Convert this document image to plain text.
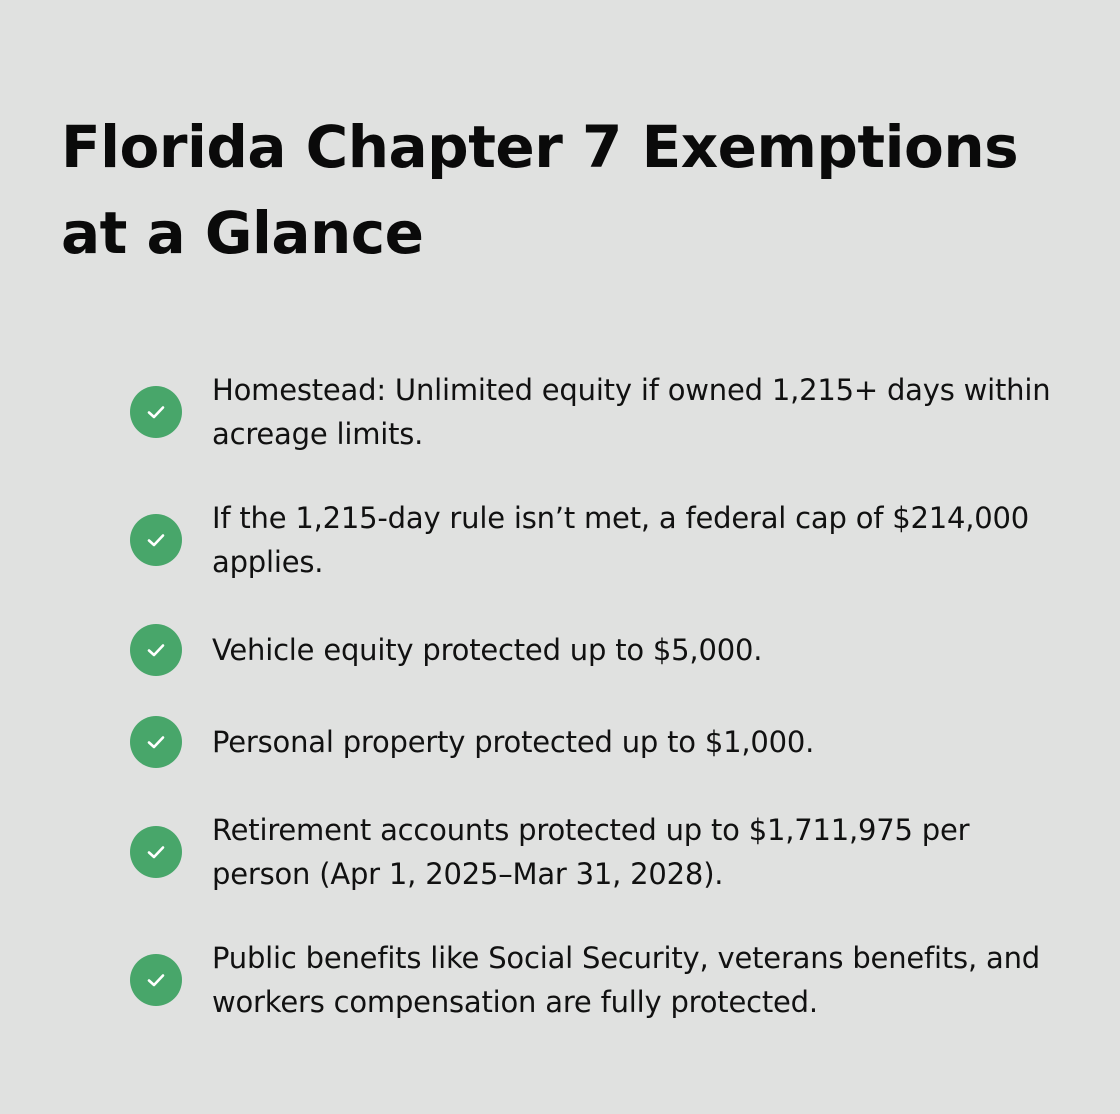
Florida Chapter 7 Exemptions at a Glance
Homestead: Unlimited equity if owned 1,215+ days within acreage limits.
If the 1,215-day rule isn’t met, a federal cap of $214,000 applies.
Vehicle equity protected up to $5,000.
Personal property protected up to $1,000.
Retirement accounts protected up to $1,711,975 per person (Apr 1, 2025–Mar 31, 2028).
Public benefits like Social Security, veterans benefits, and workers compensation are fully protected.
